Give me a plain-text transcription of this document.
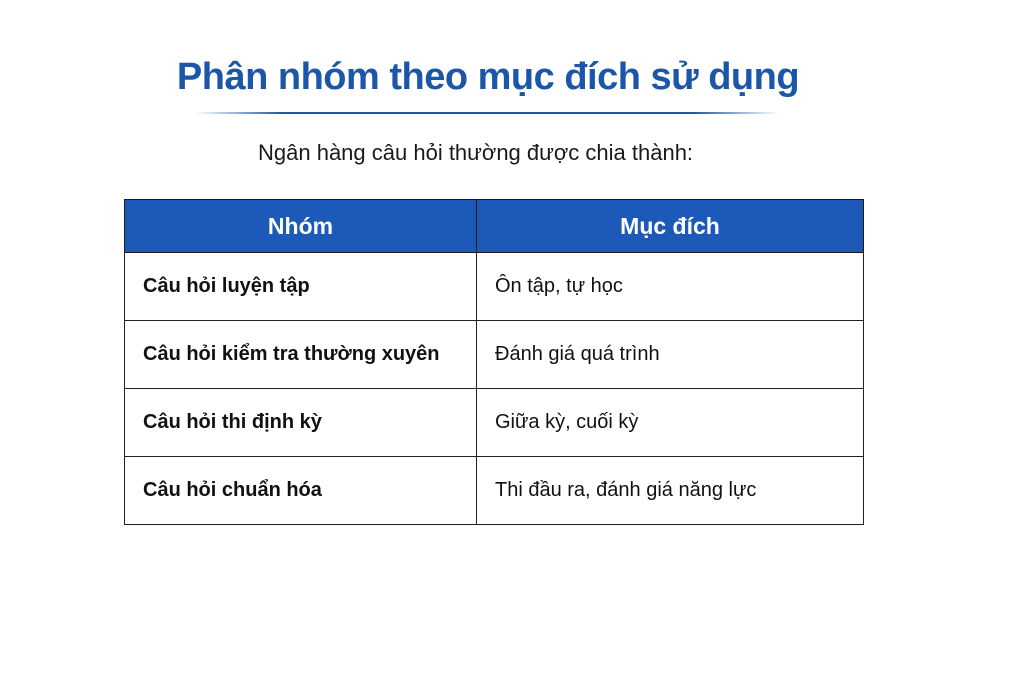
Phân nhóm theo mục đích sử dụng
Ngân hàng câu hỏi thường được chia thành:
Nhóm	Mục đích
Câu hỏi luyện tập	Ôn tập, tự học
Câu hỏi kiểm tra thường xuyên	Đánh giá quá trình
Câu hỏi thi định kỳ	Giữa kỳ, cuối kỳ
Câu hỏi chuẩn hóa	Thi đầu ra, đánh giá năng lực
